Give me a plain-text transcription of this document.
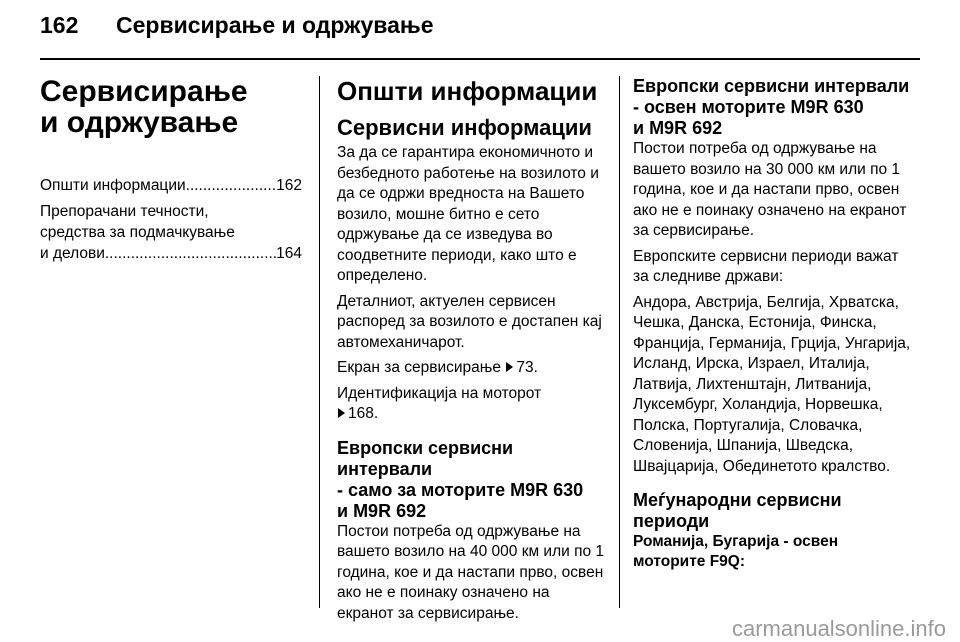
162 Сервисирање и одржување
Сервисирање
и одржување
Општи информации .....	162
Препорачани течности,
средства за подмачкување
и делови .....	164
Општи информации
Сервисни информации

За да се гарантира економичното и безбедното работење на возилото и да се одржи вредноста на Вашето возило, мошне битно е сето одржување да се изведува во соодветните периоди, како што е определено.

Деталниот, актуелен сервисен распоред за возилото е достапен кај автомеханичарот.

Екран за сервисирање 73.

Идентификација на моторот
168.

Европски сервисни интервали
- само за моторите M9R 630
и M9R 692

Постои потреба од одржување на вашето возило на 40 000 км или по 1 година, кое и да настапи прво, освен ако не е поинаку означено на екранот за сервисирање.

Европски сервисни интервали
- освен моторите M9R 630
и M9R 692

Постои потреба од одржување на вашето возило на 30 000 км или по 1 година, кое и да настапи прво, освен ако не е поинаку означено на екранот за сервисирање.

Европските сервисни периоди важат за следниве држави:

Андора, Австрија, Белгија, Хрватска, Чешка, Данска, Естонија, Финска, Франција, Германија, Грција, Унгарија, Исланд, Ирска, Израел, Италија, Латвија, Лихтенштајн, Литванија, Луксембург, Холандија, Норвешка, Полска, Португалија, Словачка, Словенија, Шпанија, Шведска, Швајцарија, Обединетото кралство.

Меѓународни сервисни
периоди
Романија, Бугарија - освен
моторите F9Q:
carmanualsonline.info
